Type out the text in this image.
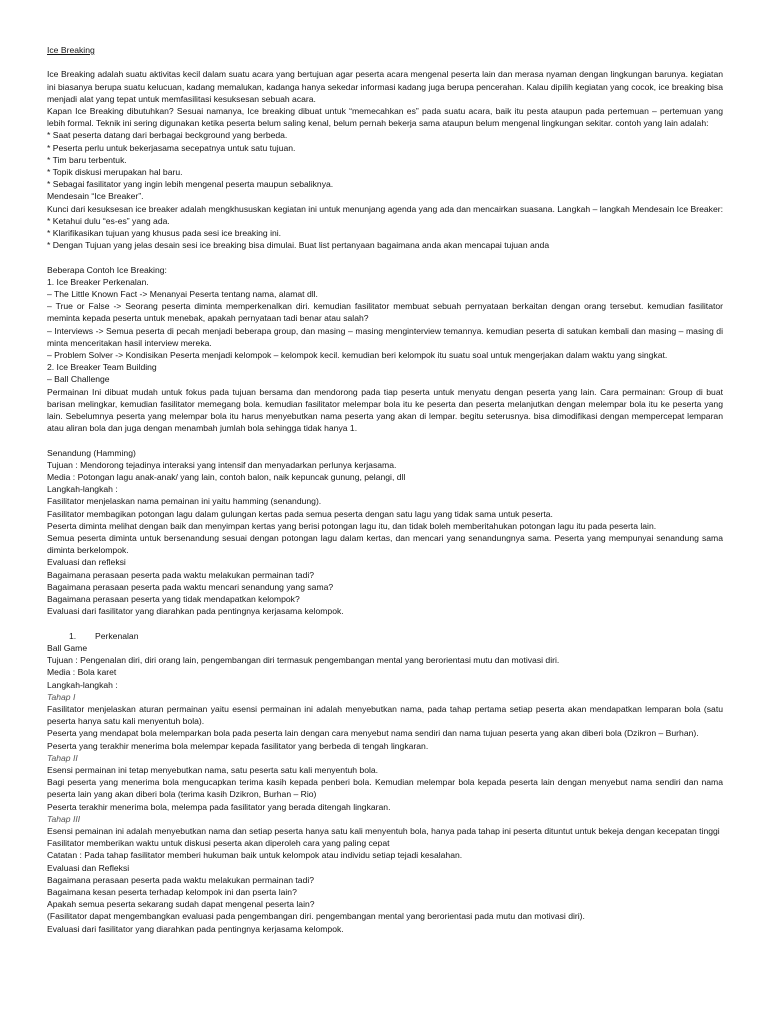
Ice Breaking

Ice Breaking adalah suatu aktivitas kecil dalam suatu acara yang bertujuan agar peserta acara mengenal peserta lain dan merasa nyaman dengan lingkungan barunya. kegiatan ini biasanya berupa suatu kelucuan, kadang memalukan, kadanga hanya sekedar informasi kadang juga berupa pencerahan. Kalau dipilih kegiatan yang cocok, ice breaking bisa menjadi alat yang tepat untuk memfasilitasi kesuksesan sebuah acara.

Kapan Ice Breaking dibutuhkan? Sesuai namanya, Ice breaking dibuat untuk “memecahkan es” pada suatu acara, baik itu pesta ataupun pada pertemuan – pertemuan yang lebih formal. Teknik ini sering digunakan ketika peserta belum saling kenal, belum pernah bekerja sama ataupun belum mengenal lingkungan sekitar. contoh yang lain adalah:

* Saat peserta datang dari berbagai beckground yang berbeda.

* Peserta perlu untuk bekerjasama secepatnya untuk satu tujuan.

* Tim baru terbentuk.

* Topik diskusi merupakan hal baru.

* Sebagai fasilitator yang ingin lebih mengenal peserta maupun sebaliknya.

Mendesain “Ice Breaker”.

Kunci dari kesuksesan ice breaker adalah mengkhususkan kegiatan ini untuk menunjang agenda yang ada dan mencairkan suasana. Langkah – langkah Mendesain Ice Breaker:

* Ketahui dulu “es-es” yang ada.

* Klarifikasikan tujuan yang khusus pada sesi ice breaking ini.

* Dengan Tujuan yang jelas desain sesi ice breaking bisa dimulai. Buat list pertanyaan bagaimana anda akan mencapai tujuan anda

Beberapa Contoh Ice Breaking:

1. Ice Breaker Perkenalan.

– The Little Known Fact -> Menanyai Peserta tentang nama, alamat dll.

– True or False -> Seorang peserta diminta memperkenalkan diri. kemudian fasilitator membuat sebuah pernyataan berkaitan dengan orang tersebut. kemudian fasilitator meminta kepada peserta untuk menebak, apakah pernyataan tadi benar atau salah?

– Interviews -> Semua peserta di pecah menjadi beberapa group, dan masing – masing menginterview temannya. kemudian peserta di satukan kembali dan masing – masing di minta menceritakan hasil interview mereka.

– Problem Solver -> Kondisikan Peserta menjadi kelompok – kelompok kecil. kemudian beri kelompok itu suatu soal untuk mengerjakan dalam waktu yang singkat.

2. Ice Breaker Team Building

– Ball Challenge

Permainan Ini dibuat mudah untuk fokus pada tujuan bersama dan mendorong pada tiap peserta untuk menyatu dengan peserta yang lain. Cara permainan: Group di buat barisan melingkar, kemudian fasilitator memegang bola. kemudian fasilitator melempar bola itu ke peserta dan peserta melanjutkan dengan melempar bola itu ke peserta yang lain. Sebelumnya peserta yang melempar bola itu harus menyebutkan nama peserta yang akan di lempar. begitu seterusnya. bisa dimodifikasi dengan mempercepat lemparan atau aliran bola dan juga dengan menambah jumlah bola sehingga tidak hanya 1.

Senandung (Hamming)

Tujuan : Mendorong tejadinya interaksi yang intensif dan menyadarkan perlunya kerjasama.

Media : Potongan lagu anak-anak/ yang lain, contoh balon, naik kepuncak gunung, pelangi, dll

Langkah-langkah :

Fasilitator menjelaskan nama pemainan ini yaitu hamming (senandung).

Fasilitator membagikan potongan lagu dalam gulungan kertas pada semua peserta dengan satu lagu yang tidak sama untuk peserta.

Peserta diminta melihat dengan baik dan menyimpan kertas yang berisi potongan lagu itu, dan tidak boleh memberitahukan potongan lagu itu pada peserta lain.

Semua peserta diminta untuk bersenandung sesuai dengan potongan lagu dalam kertas, dan mencari yang senandungnya sama. Peserta yang mempunyai senandung sama diminta berkelompok.

Evaluasi dan refleksi

Bagaimana perasaan peserta pada waktu melakukan permainan tadi?

Bagaimana perasaan peserta pada waktu mencari senandung yang sama?

Bagaimana perasaan peserta yang tidak mendapatkan kelompok?

Evaluasi dari fasilitator yang diarahkan pada pentingnya kerjasama kelompok.

1. Perkenalan

Ball Game

Tujuan : Pengenalan diri, diri orang lain, pengembangan diri termasuk pengembangan mental yang berorientasi mutu dan motivasi diri.

Media : Bola karet

Langkah-langkah :

Tahap I

Fasilitator menjelaskan aturan permainan yaitu esensi permainan ini adalah menyebutkan nama, pada tahap pertama setiap peserta akan mendapatkan lemparan bola (satu peserta hanya satu kali menyentuh bola).

Peserta yang mendapat bola melemparkan bola pada peserta lain dengan cara menyebut nama sendiri dan nama tujuan peserta yang akan diberi bola (Dzikron – Burhan).

Peserta yang terakhir menerima bola melempar kepada fasilitator yang berbeda di tengah lingkaran.

Tahap II

Esensi permainan ini tetap menyebutkan nama, satu peserta satu kali menyentuh bola.

Bagi peserta yang menerima bola mengucapkan terima kasih kepada penberi bola. Kemudian melempar bola kepada peserta lain dengan menyebut nama sendiri dan nama peserta lain yang akan diberi bola (terima kasih Dzikron, Burhan – Rio)

Peserta terakhir menerima bola, melempa pada fasilitator yang berada ditengah lingkaran.

Tahap III

Esensi pemainan ini adalah menyebutkan nama dan setiap peserta hanya satu kali menyentuh bola, hanya pada tahap ini peserta dituntut untuk bekeja dengan kecepatan tinggi

Fasilitator memberikan waktu untuk diskusi peserta akan diperoleh cara yang paling cepat

Catatan : Pada tahap fasilitator memberi hukuman baik untuk kelompok atau individu setiap tejadi kesalahan.

Evaluasi dan Refleksi

Bagaimana perasaan peserta pada waktu melakukan permainan tadi?

Bagaimana kesan peserta terhadap kelompok ini dan pserta lain?

Apakah semua peserta sekarang sudah dapat mengenal peserta lain?

(Fasilitator dapat mengembangkan evaluasi pada pengembangan diri. pengembangan mental yang berorientasi pada mutu dan motivasi diri).

Evaluasi dari fasilitator yang diarahkan pada pentingnya kerjasama kelompok.
